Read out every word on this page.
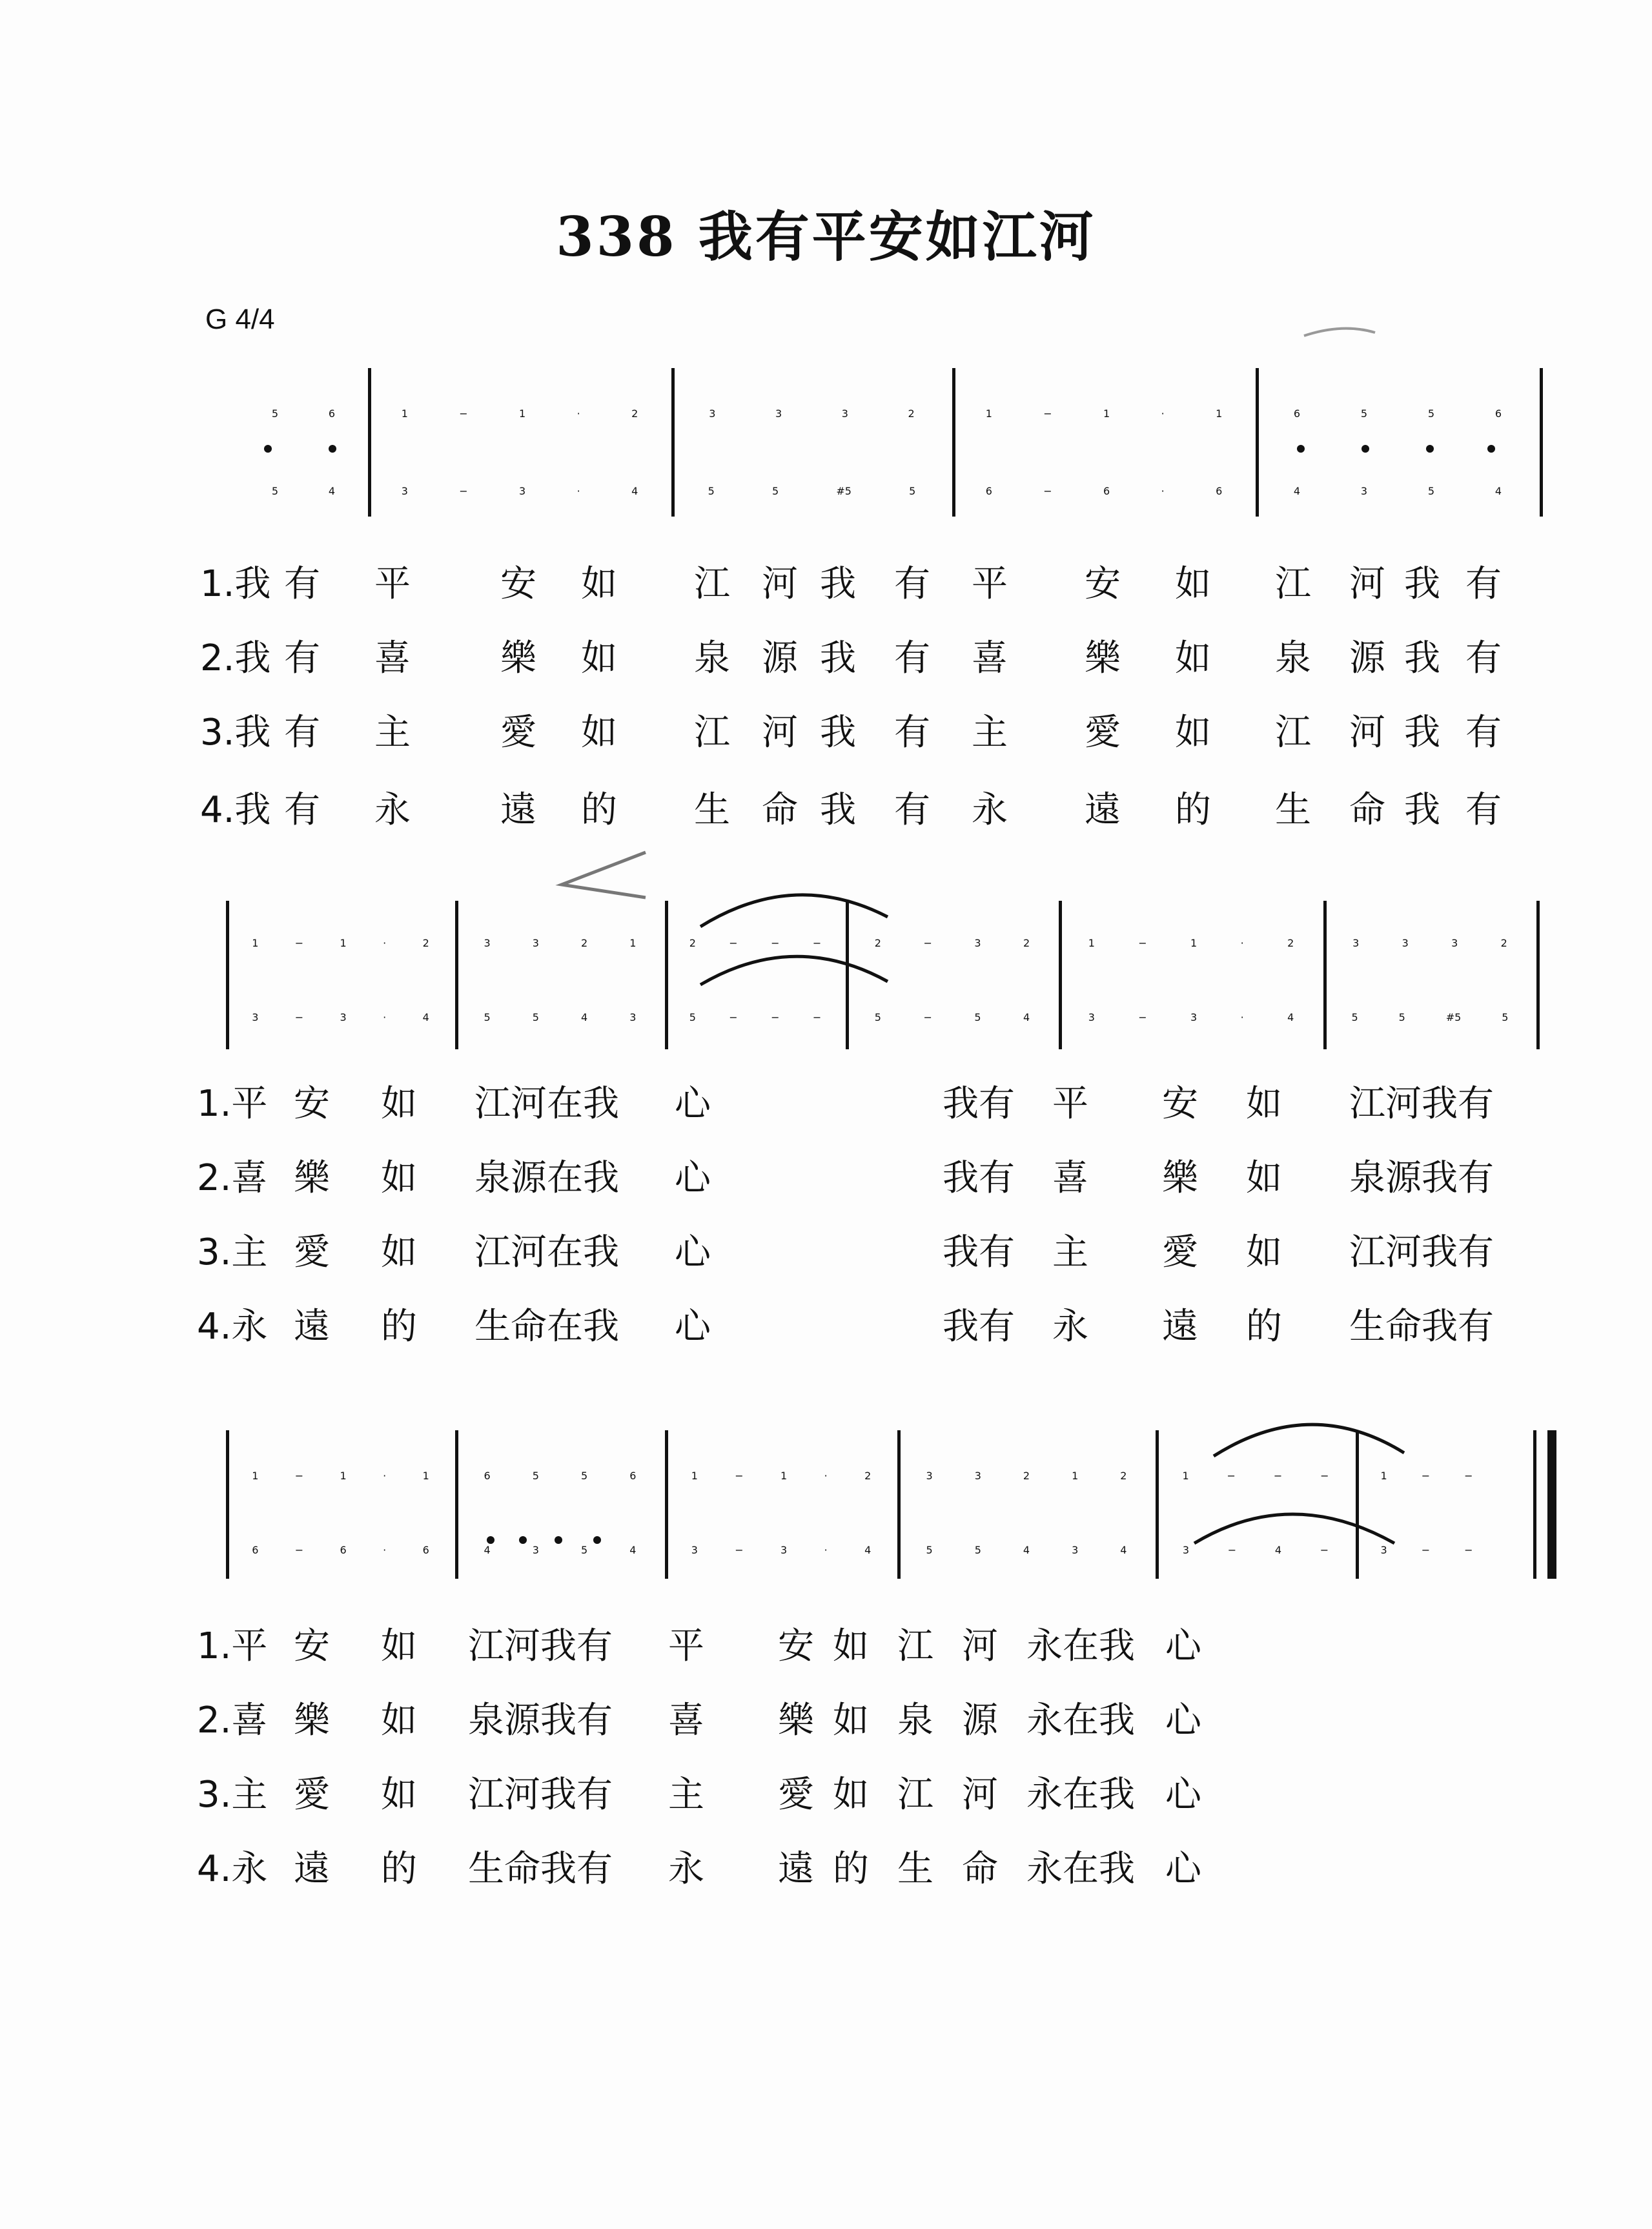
338 我有平安如江河
G 4/4
5	6	1	−	1	·	2	3	3	3	2	1	−	1	·	1	6	5	5	6
5	4	3	−	3	·	4	5	5	#5	5	6	−	6	·	6	4	3	5	4
1.我 有 平 安 如 江 河 我 有 平 安 如 江 河 我 有
2.我 有 喜 樂 如 泉 源 我 有 喜 樂 如 泉 源 我 有
3.我 有 主 愛 如 江 河 我 有 主 愛 如 江 河 我 有
4.我 有 永 遠 的 生 命 我 有 永 遠 的 生 命 我 有
1	−	1	·	2	3	3	2	1	2	−	−	−	2	−	3	2	1	−	1	·	2	3	3	3	2
3	−	3	·	4	5	5	4	3	5	−	−	−	5	−	5	4	3	−	3	·	4	5	5	#5	5
1.平 安 如 江河在我 心	我有 平 安 如 江河我有
2.喜 樂 如 泉源在我 心	我有 喜 樂 如 泉源我有
3.主 愛 如 江河在我 心	我有 主 愛 如 江河我有
4.永 遠 的 生命在我 心	我有 永 遠 的 生命我有
1	−	1	·	1	6	5	5	6	1	−	1	·	2	3	3	2	1	2	1	−	−	−	1	−	−
6	−	6	·	6	4	3	5	4	3	−	3	·	4	5	5	4	3	4	3	−	4	−	3	−	−
1.平 安 如 江河我有 平 安 如 江 河 永在我 心
2.喜 樂 如 泉源我有 喜 樂 如 泉 源 永在我 心
3.主 愛 如 江河我有 主 愛 如 江 河 永在我 心
4.永 遠 的 生命我有 永 遠 的 生 命 永在我 心
